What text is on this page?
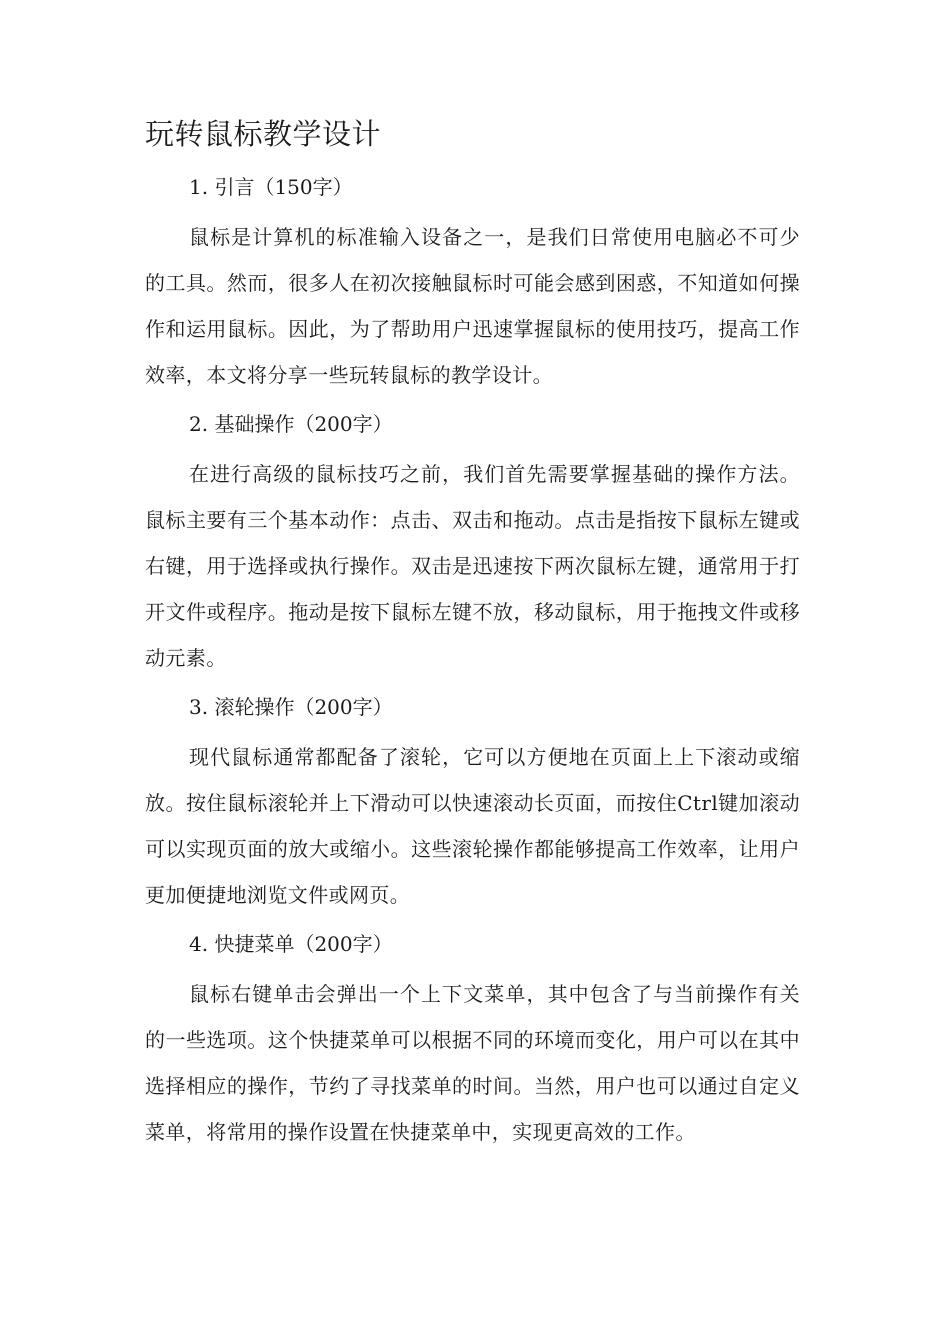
玩转鼠标教学设计
1. 引言（150字）

鼠标是计算机的标准输入设备之一，是我们日常使用电脑必不可少的工具。然而，很多人在初次接触鼠标时可能会感到困惑，不知道如何操作和运用鼠标。因此，为了帮助用户迅速掌握鼠标的使用技巧，提高工作效率，本文将分享一些玩转鼠标的教学设计。

2. 基础操作（200字）

在进行高级的鼠标技巧之前，我们首先需要掌握基础的操作方法。鼠标主要有三个基本动作：点击、双击和拖动。点击是指按下鼠标左键或右键，用于选择或执行操作。双击是迅速按下两次鼠标左键，通常用于打开文件或程序。拖动是按下鼠标左键不放，移动鼠标，用于拖拽文件或移动元素。

3. 滚轮操作（200字）

现代鼠标通常都配备了滚轮，它可以方便地在页面上上下滚动或缩放。按住鼠标滚轮并上下滑动可以快速滚动长页面，而按住Ctrl键加滚动可以实现页面的放大或缩小。这些滚轮操作都能够提高工作效率，让用户更加便捷地浏览文件或网页。

4. 快捷菜单（200字）

鼠标右键单击会弹出一个上下文菜单，其中包含了与当前操作有关的一些选项。这个快捷菜单可以根据不同的环境而变化，用户可以在其中选择相应的操作，节约了寻找菜单的时间。当然，用户也可以通过自定义菜单，将常用的操作设置在快捷菜单中，实现更高效的工作。
